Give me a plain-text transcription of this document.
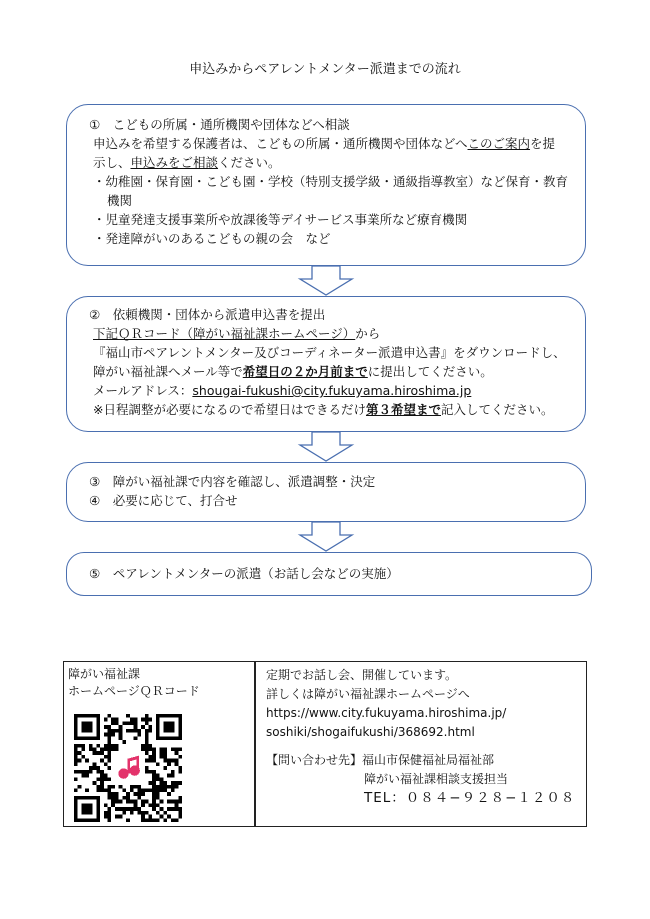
申込みからペアレントメンター派遣までの流れ

①　こどもの所属・通所機関や団体などへ相談

申込みを希望する保護者は、こどもの所属・通所機関や団体などへこのご案内を提

示し、申込みをご相談ください。

・幼稚園・保育園・こども園・学校（特別支援学級・通級指導教室）など保育・教育

機関

・児童発達支援事業所や放課後等デイサービス事業所など療育機関

・発達障がいのあるこどもの親の会　など

②　依頼機関・団体から派遣申込書を提出

下記ＱＲコード（障がい福祉課ホームページ）から

『福山市ペアレントメンター及びコーディネーター派遣申込書』をダウンロードし、

障がい福祉課へメール等で希望日の２か月前までに提出してください。

メールアドレス：shougai-fukushi@city.fukuyama.hiroshima.jp

※日程調整が必要になるので希望日はできるだけ第３希望まで記入してください。

③　障がい福祉課で内容を確認し、派遣調整・決定

④　必要に応じて、打合せ

⑤　ペアレントメンターの派遣（お話し会などの実施）

障がい福祉課

ホームページＱＲコード

定期でお話し会、開催しています。

詳しくは障がい福祉課ホームページへ

https://www.city.fukuyama.hiroshima.jp/

soshiki/shogaifukushi/368692.html

【問い合わせ先】福山市保健福祉局福祉部

障がい福祉課相談支援担当

TEL：０８４−９２８−１２０８
